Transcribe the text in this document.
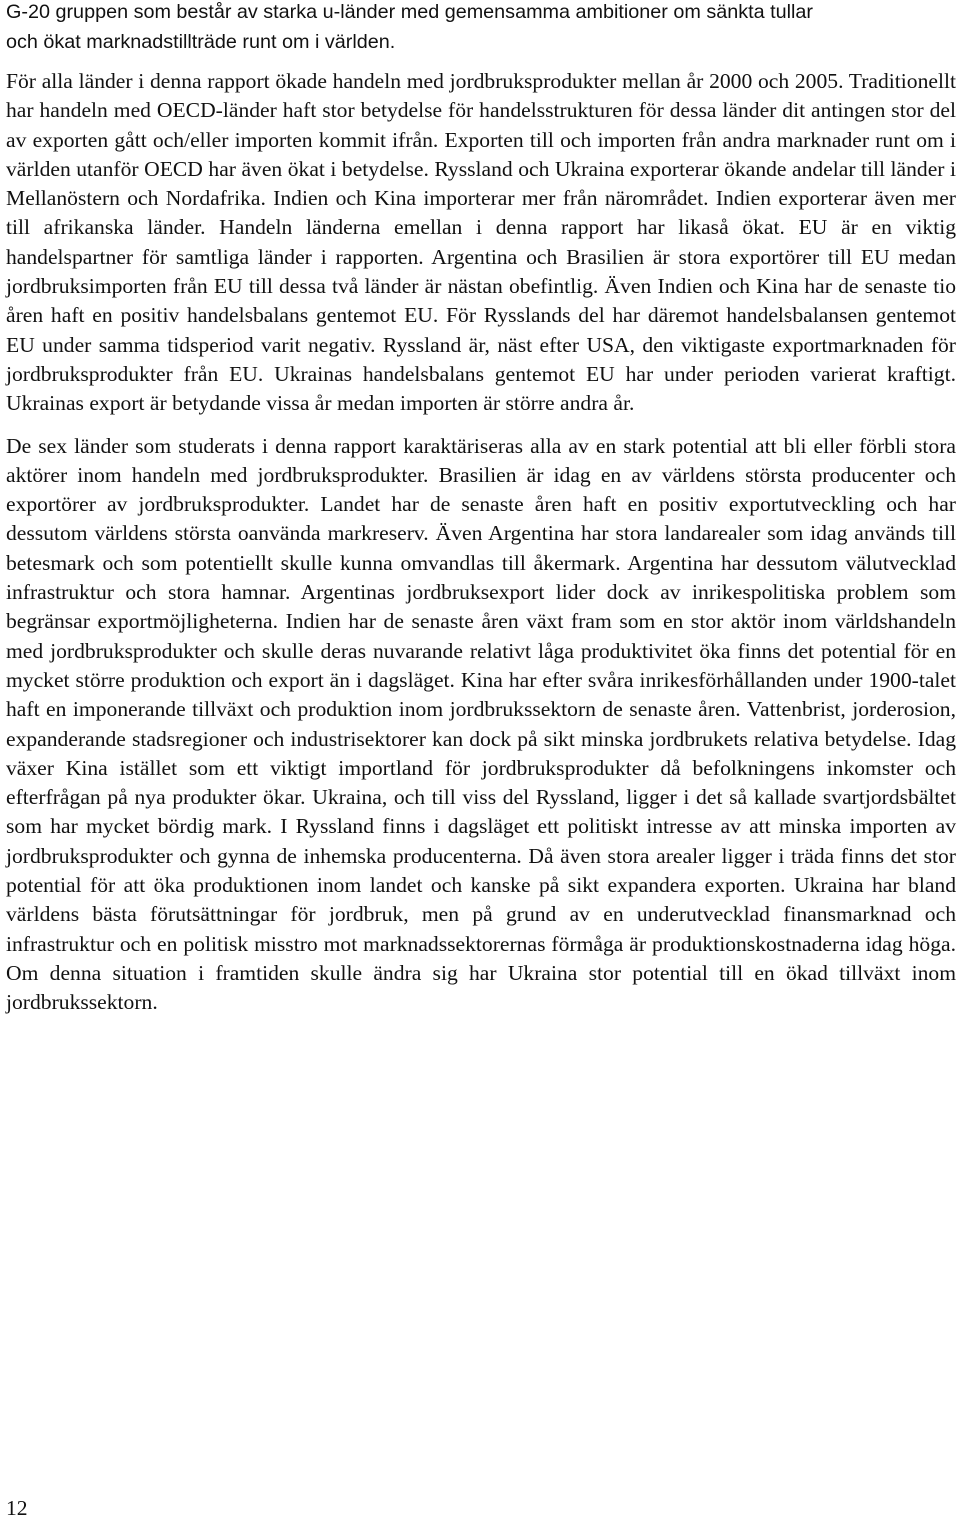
G-20 gruppen som består av starka u-länder med gemensamma ambitioner om sänkta tullar
och ökat marknadstillträde runt om i världen.

För alla länder i denna rapport ökade handeln med jordbruksprodukter mellan år 2000 och 2005. Traditionellt har handeln med OECD-länder haft stor betydelse för handelsstrukturen för dessa länder dit antingen stor del av exporten gått och/eller importen kommit ifrån. Exporten till och importen från andra marknader runt om i världen utanför OECD har även ökat i betydelse. Ryssland och Ukraina exporterar ökande andelar till länder i Mellanöstern och Nordafrika. Indien och Kina importerar mer från närområdet. Indien exporterar även mer till afrikanska länder. Handeln länderna emellan i denna rapport har likaså ökat. EU är en viktig handelspartner för samtliga länder i rapporten. Argentina och Brasilien är stora exportörer till EU medan jordbruksimporten från EU till dessa två länder är nästan obefintlig. Även Indien och Kina har de senaste tio åren haft en positiv handelsbalans gentemot EU. För Rysslands del har däremot handelsbalansen gentemot EU under samma tidsperiod varit negativ. Ryssland är, näst efter USA, den viktigaste exportmarknaden för jordbruksprodukter från EU. Ukrainas handelsbalans gentemot EU har under perioden varierat kraftigt. Ukrainas export är betydande vissa år medan importen är större andra år.

De sex länder som studerats i denna rapport karaktäriseras alla av en stark potential att bli eller förbli stora aktörer inom handeln med jordbruksprodukter. Brasilien är idag en av världens största producenter och exportörer av jordbruksprodukter. Landet har de senaste åren haft en positiv exportutveckling och har dessutom världens största oanvända markreserv. Även Argentina har stora landarealer som idag används till betesmark och som potentiellt skulle kunna omvandlas till åkermark. Argentina har dessutom välutvecklad infrastruktur och stora hamnar. Argentinas jordbruksexport lider dock av inrikespolitiska problem som begränsar exportmöjligheterna. Indien har de senaste åren växt fram som en stor aktör inom världshandeln med jordbruksprodukter och skulle deras nuvarande relativt låga produktivitet öka finns det potential för en mycket större produktion och export än i dagsläget. Kina har efter svåra inrikesförhållanden under 1900-talet haft en imponerande tillväxt och produktion inom jordbrukssektorn de senaste åren. Vattenbrist, jorderosion, expanderande stadsregioner och industrisektorer kan dock på sikt minska jordbrukets relativa betydelse. Idag växer Kina istället som ett viktigt importland för jordbruksprodukter då befolkningens inkomster och efterfrågan på nya produkter ökar. Ukraina, och till viss del Ryssland, ligger i det så kallade svartjordsbältet som har mycket bördig mark. I Ryssland finns i dagsläget ett politiskt intresse av att minska importen av jordbruksprodukter och gynna de inhemska producenterna. Då även stora arealer ligger i träda finns det stor potential för att öka produktionen inom landet och kanske på sikt expandera exporten. Ukraina har bland världens bästa förutsättningar för jordbruk, men på grund av en underutvecklad finansmarknad och infrastruktur och en politisk misstro mot marknadssektorernas förmåga är produktionskostnaderna idag höga. Om denna situation i framtiden skulle ändra sig har Ukraina stor potential till en ökad tillväxt inom jordbrukssektorn.

12
